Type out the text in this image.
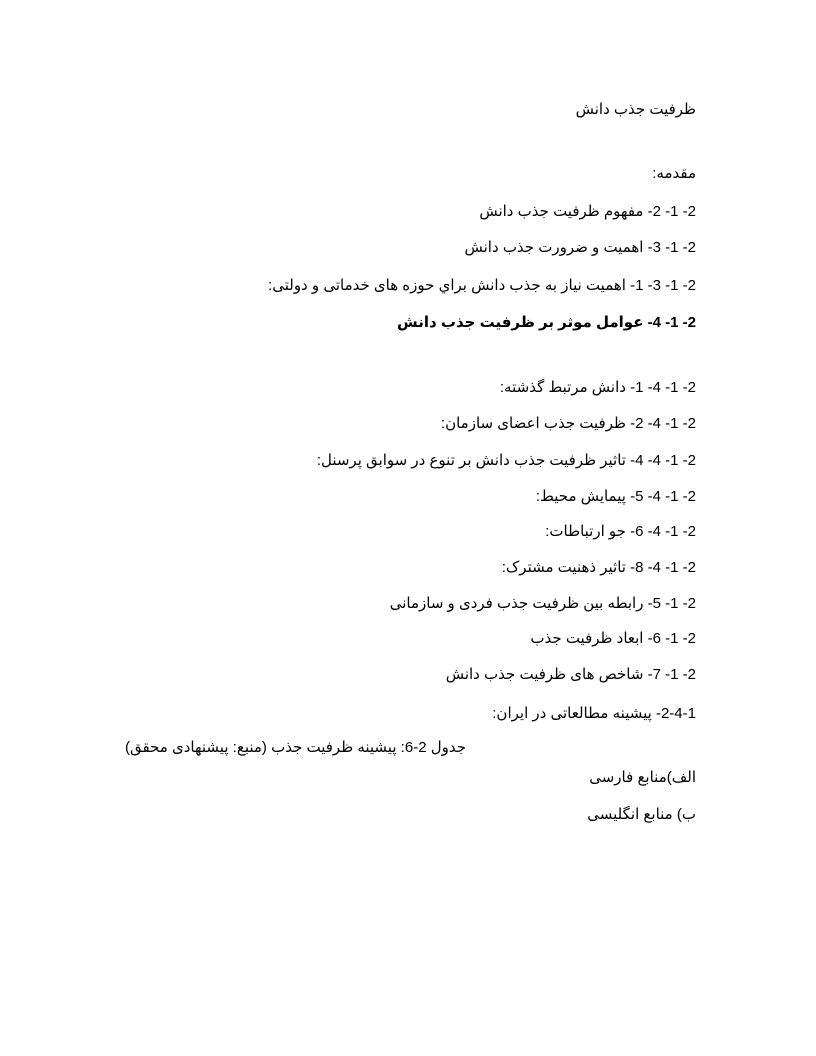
ظرفیت جذب دانش
مقدمه:
2- 1- 2- مفهوم ظرفیت جذب دانش
2- 1- 3- اهمیت و ضرورت جذب دانش
2- 1- 3- 1- اهمیت نیاز به جذب دانش براي حوزه های خدماتی و دولتی:
2- 1- 4- عوامل موثر بر ظرفیت جذب دانش
2- 1- 4- 1- دانش مرتبط گذشته:
2- 1- 4- 2- ظرفیت جذب اعضای سازمان:
2- 1- 4- 4- تاثیر ظرفیت جذب دانش بر تنوع در سوابق پرسنل:
2- 1- 4- 5- پیمایش محیط:
2- 1- 4- 6- جو ارتباطات:
2- 1- 4- 8- تاثیر ذهنیت مشترک:
2- 1- 5- رابطه بین ظرفیت جذب فردی و سازمانی
2- 1- 6- ابعاد ظرفیت جذب
2- 1- 7- شاخص های ظرفیت جذب دانش
2-4-1- پیشینه مطالعاتی در ایران:
جدول 2-6: پیشینه ظرفیت جذب (منبع: پیشنهادی محقق)
الف)منابع فارسی
ب) منابع انگلیسی
